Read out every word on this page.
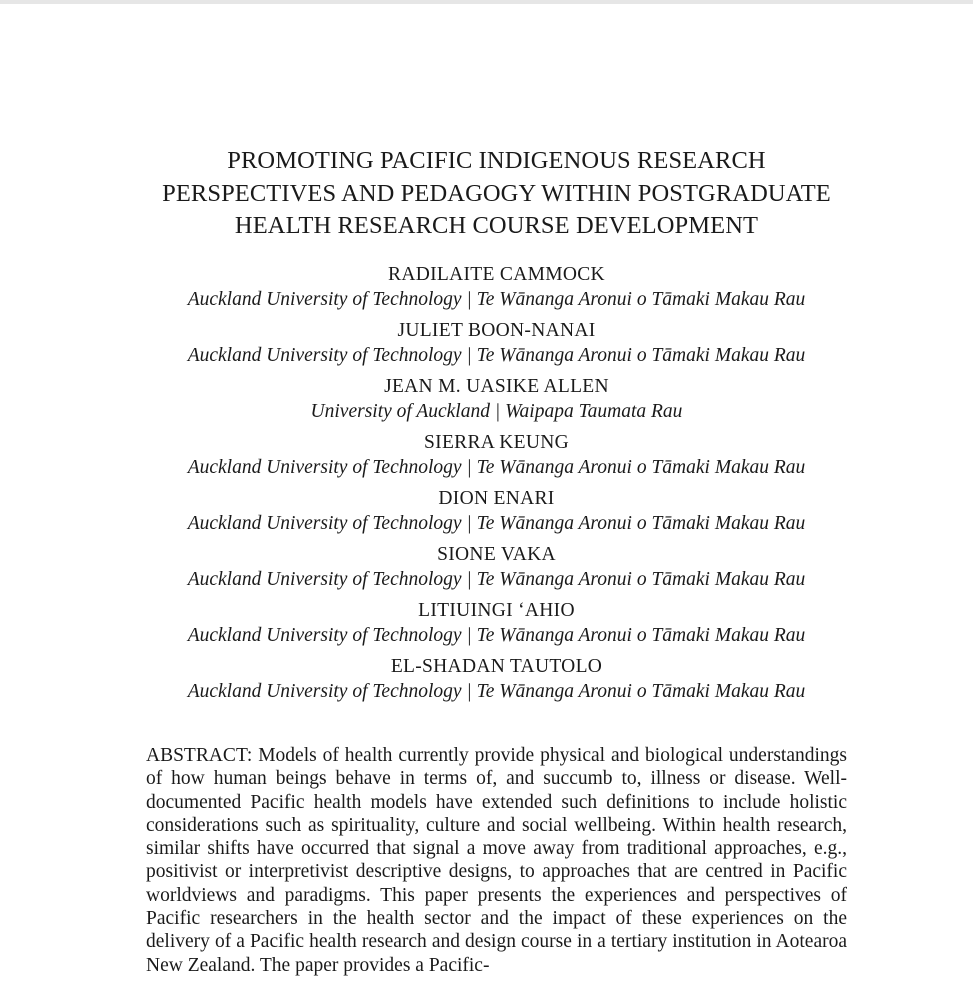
PROMOTING PACIFIC INDIGENOUS RESEARCH
PERSPECTIVES AND PEDAGOGY WITHIN POSTGRADUATE
HEALTH RESEARCH COURSE DEVELOPMENT
RADILAITE CAMMOCK
Auckland University of Technology | Te Wānanga Aronui o Tāmaki Makau Rau
JULIET BOON-NANAI
Auckland University of Technology | Te Wānanga Aronui o Tāmaki Makau Rau
JEAN M. UASIKE ALLEN
University of Auckland | Waipapa Taumata Rau
SIERRA KEUNG
Auckland University of Technology | Te Wānanga Aronui o Tāmaki Makau Rau
DION ENARI
Auckland University of Technology | Te Wānanga Aronui o Tāmaki Makau Rau
SIONE VAKA
Auckland University of Technology | Te Wānanga Aronui o Tāmaki Makau Rau
LITIUINGI ‘AHIO
Auckland University of Technology | Te Wānanga Aronui o Tāmaki Makau Rau
EL-SHADAN TAUTOLO
Auckland University of Technology | Te Wānanga Aronui o Tāmaki Makau Rau

ABSTRACT: Models of health currently provide physical and biological understandings of how human beings behave in terms of, and succumb to, illness or disease. Well-documented Pacific health models have extended such definitions to include holistic considerations such as spirituality, culture and social wellbeing. Within health research, similar shifts have occurred that signal a move away from traditional approaches, e.g., positivist or interpretivist descriptive designs, to approaches that are centred in Pacific worldviews and paradigms. This paper presents the experiences and perspectives of Pacific researchers in the health sector and the impact of these experiences on the delivery of a Pacific health research and design course in a tertiary institution in Aotearoa New Zealand. The paper provides a Pacific-
